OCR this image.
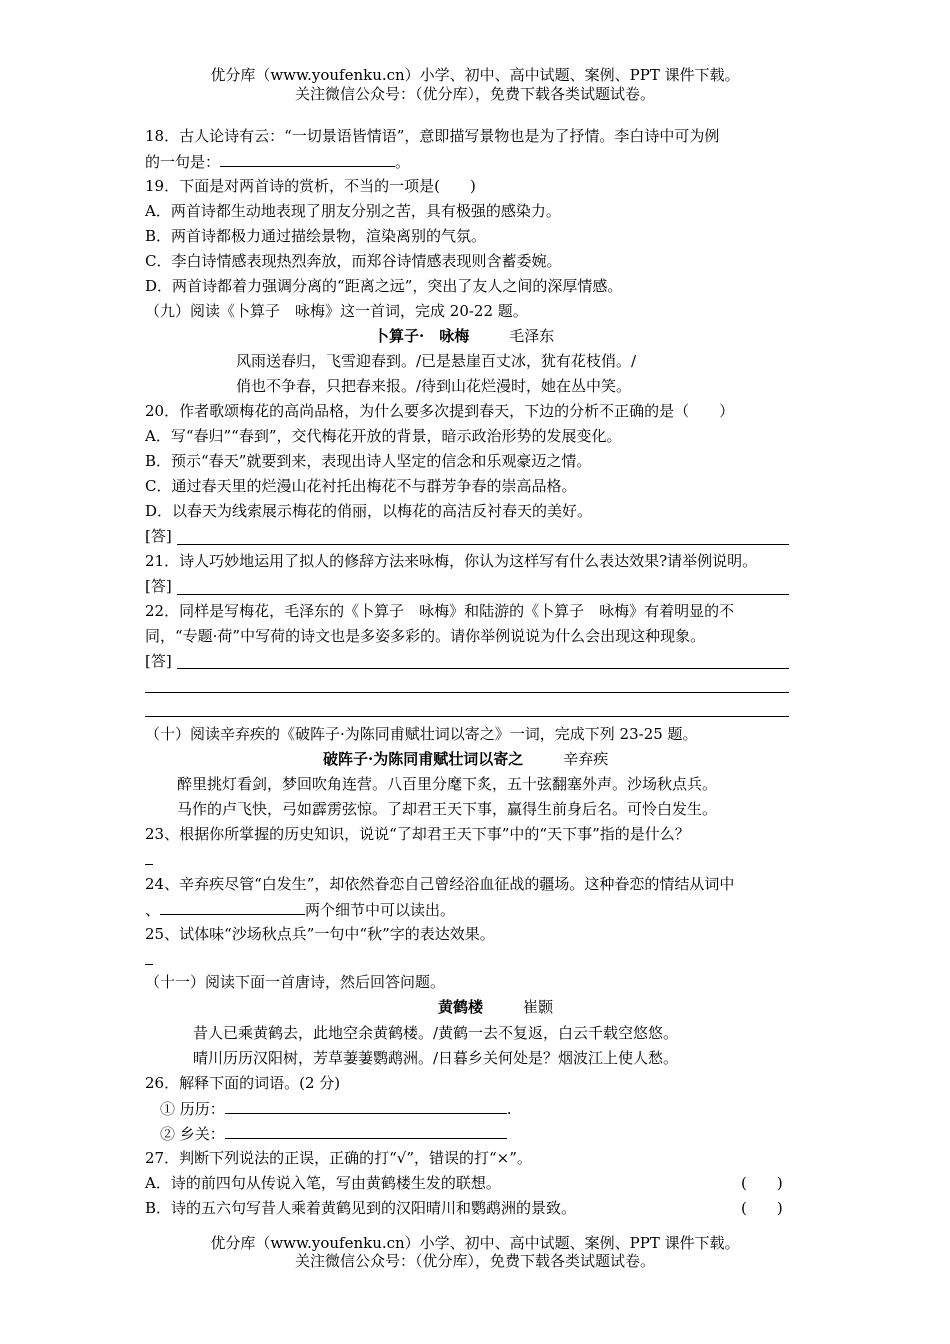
优分库（www.youfenku.cn）小学、初中、高中试题、案例、PPT 课件下载。
关注微信公众号：（优分库），免费下载各类试题试卷。
18．古人论诗有云：“一切景语皆情语”，意即描写景物也是为了抒情。李白诗中可为例
的一句是：	。
19．下面是对两首诗的赏析，不当的一项是(　　)
A．两首诗都生动地表现了朋友分别之苦，具有极强的感染力。
B．两首诗都极力通过描绘景物，渲染离别的气氛。
C．李白诗情感表现热烈奔放，而郑谷诗情感表现则含蓄委婉。
D．两首诗都着力强调分离的“距离之远”，突出了友人之间的深厚情感。
（九）阅读《卜算子　咏梅》这一首词，完成 20-22 题。
卜算子·　咏梅	毛泽东
风雨送春归，飞雪迎春到。/已是悬崖百丈冰，犹有花枝俏。/
俏也不争春，只把春来报。/待到山花烂漫时，她在丛中笑。
20．作者歌颂梅花的高尚品格，为什么要多次提到春天，下边的分析不正确的是（　　）
A．写“春归”“春到”，交代梅花开放的背景，暗示政治形势的发展变化。
B．预示“春天”就要到来，表现出诗人坚定的信念和乐观豪迈之情。
C．通过春天里的烂漫山花衬托出梅花不与群芳争春的崇高品格。
D．以春天为线索展示梅花的俏丽，以梅花的高洁反衬春天的美好。
[答]
21．诗人巧妙地运用了拟人的修辞方法来咏梅，你认为这样写有什么表达效果?请举例说明。
[答]
22．同样是写梅花，毛泽东的《卜算子　咏梅》和陆游的《卜算子　咏梅》有着明显的不
同，“专题·荷”中写荷的诗文也是多姿多彩的。请你举例说说为什么会出现这种现象。
[答]
（十）阅读辛弃疾的《破阵子·为陈同甫赋壮词以寄之》一词，完成下列 23-25 题。
破阵子·为陈同甫赋壮词以寄之	辛弃疾
醉里挑灯看剑，梦回吹角连营。八百里分麾下炙，五十弦翻塞外声。沙场秋点兵。
马作的卢飞快，弓如霹雳弦惊。了却君王天下事，赢得生前身后名。可怜白发生。
23、根据你所掌握的历史知识，说说“了却君王天下事”中的“天下事”指的是什么？
24、辛弃疾尽管“白发生”，却依然眷恋自己曾经浴血征战的疆场。这种眷恋的情结从词中
、	两个细节中可以读出。
25、试体味“沙场秋点兵”一句中“秋”字的表达效果。
（十一）阅读下面一首唐诗，然后回答问题。
黄鹤楼	崔颢
昔人已乘黄鹤去，此地空余黄鹤楼。/黄鹤一去不复返，白云千载空悠悠。
晴川历历汉阳树，芳草萋萋鹦鹉洲。/日暮乡关何处是？烟波江上使人愁。
26．解释下面的词语。(2 分)
① 历历：	.
② 乡关：
27．判断下列说法的正误，正确的打“√”，错误的打“×”。
A．诗的前四句从传说入笔，写由黄鹤楼生发的联想。	(　　)
B．诗的五六句写昔人乘着黄鹤见到的汉阳晴川和鹦鹉洲的景致。	(　　)
优分库（www.youfenku.cn）小学、初中、高中试题、案例、PPT 课件下载。
关注微信公众号：（优分库），免费下载各类试题试卷。
